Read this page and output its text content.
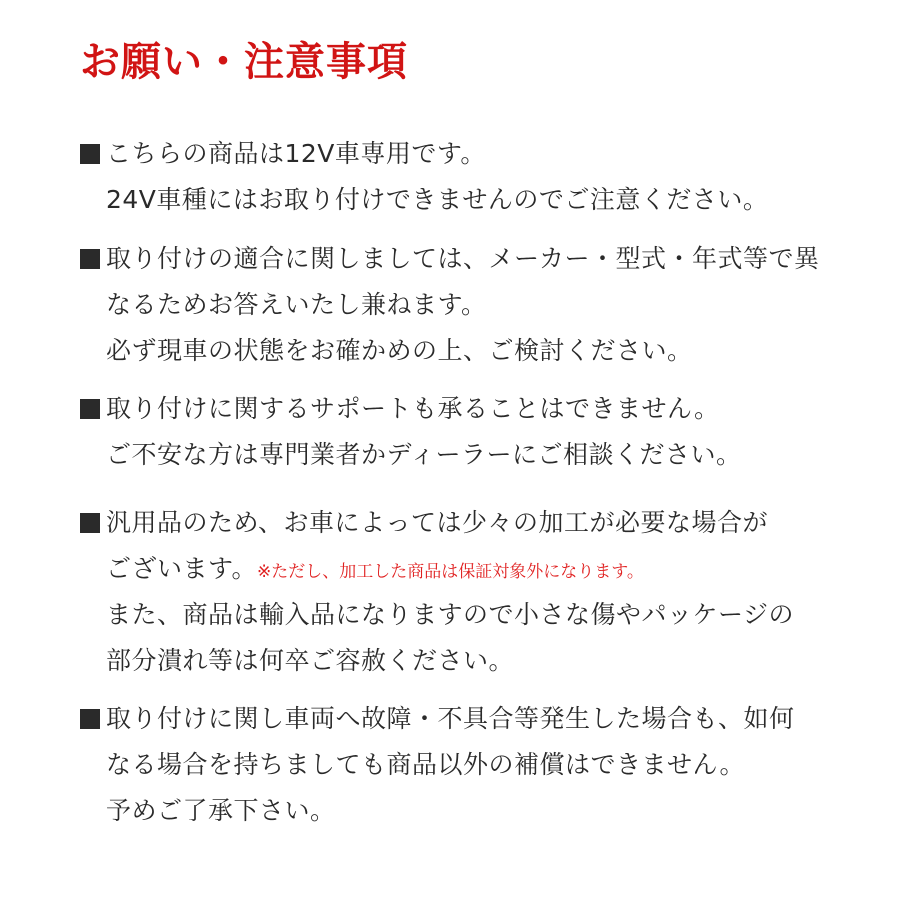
お願い・注意事項
こちらの商品は12V車専用です。
24V車種にはお取り付けできませんのでご注意ください。
取り付けの適合に関しましては、メーカー・型式・年式等で異
なるためお答えいたし兼ねます。
必ず現車の状態をお確かめの上、ご検討ください。
取り付けに関するサポートも承ることはできません。
ご不安な方は専門業者かディーラーにご相談ください。
汎用品のため、お車によっては少々の加工が必要な場合が
ございます。※ただし、加工した商品は保証対象外になります。
また、商品は輸入品になりますので小さな傷やパッケージの
部分潰れ等は何卒ご容赦ください。
取り付けに関し車両へ故障・不具合等発生した場合も、如何
なる場合を持ちましても商品以外の補償はできません。
予めご了承下さい。
